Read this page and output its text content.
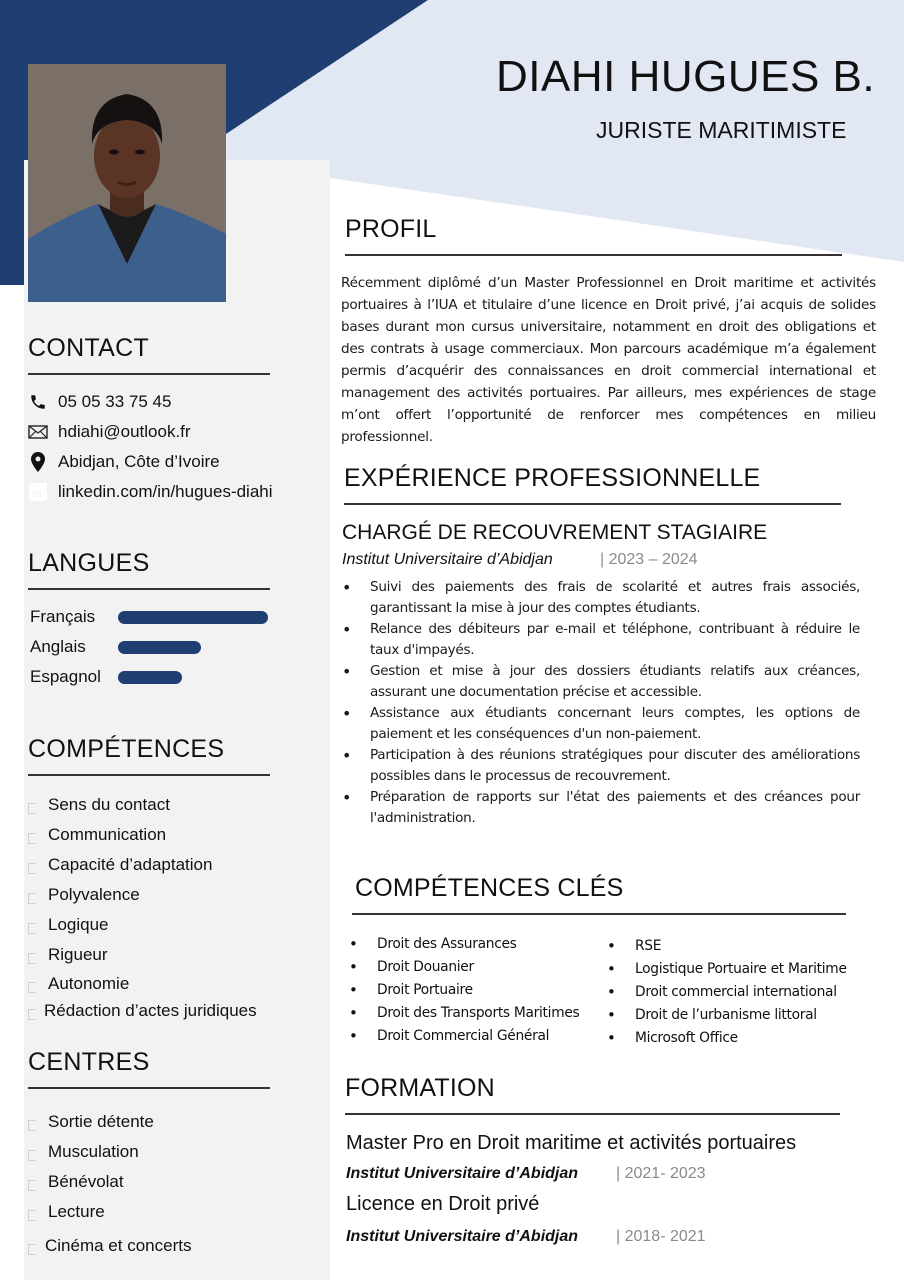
DIAHI HUGUES B.
JURISTE MARITIMISTE
CONTACT
05 05 33 75 45
hdiahi@outlook.fr
Abidjan, Côte d’Ivoire
in linkedin.com/in/hugues-diahi
LANGUES
Français
Anglais
Espagnol
COMPÉTENCES
Sens du contact
Communication
Capacité d’adaptation
Polyvalence
Logique
Rigueur
Autonomie
Rédaction d’actes juridiques
CENTRES
Sortie détente
Musculation
Bénévolat
Lecture
Cinéma et concerts
PROFIL

Récemment diplômé d’un Master Professionnel en Droit maritime et activités portuaires à l’IUA et titulaire d’une licence en Droit privé, j’ai acquis de solides bases durant mon cursus universitaire, notamment en droit des obligations et des contrats à usage commerciaux. Mon parcours académique m’a également permis d’acquérir des connaissances en droit commercial international et management des activités portuaires. Par ailleurs, mes expériences de stage m’ont offert l’opportunité de renforcer mes compétences en milieu professionnel.

EXPÉRIENCE PROFESSIONNELLE
CHARGÉ DE RECOUVREMENT STAGIAIRE
Institut Universitaire d’Abidjan	| 2023 – 2024
• Suivi des paiements des frais de scolarité et autres frais associés, garantissant la mise à jour des comptes étudiants.
• Relance des débiteurs par e-mail et téléphone, contribuant à réduire le taux d'impayés.
• Gestion et mise à jour des dossiers étudiants relatifs aux créances, assurant une documentation précise et accessible.
• Assistance aux étudiants concernant leurs comptes, les options de paiement et les conséquences d'un non-paiement.
• Participation à des réunions stratégiques pour discuter des améliorations possibles dans le processus de recouvrement.
• Préparation de rapports sur l'état des paiements et des créances pour l'administration.
COMPÉTENCES CLÉS
• Droit des Assurances
• Droit Douanier
• Droit Portuaire
• Droit des Transports Maritimes
• Droit Commercial Général
• RSE
• Logistique Portuaire et Maritime
• Droit commercial international
• Droit de l’urbanisme littoral
• Microsoft Office
FORMATION
Master Pro en Droit maritime et activités portuaires
Institut Universitaire d’Abidjan	| 2021- 2023
Licence en Droit privé
Institut Universitaire d’Abidjan	| 2018- 2021
